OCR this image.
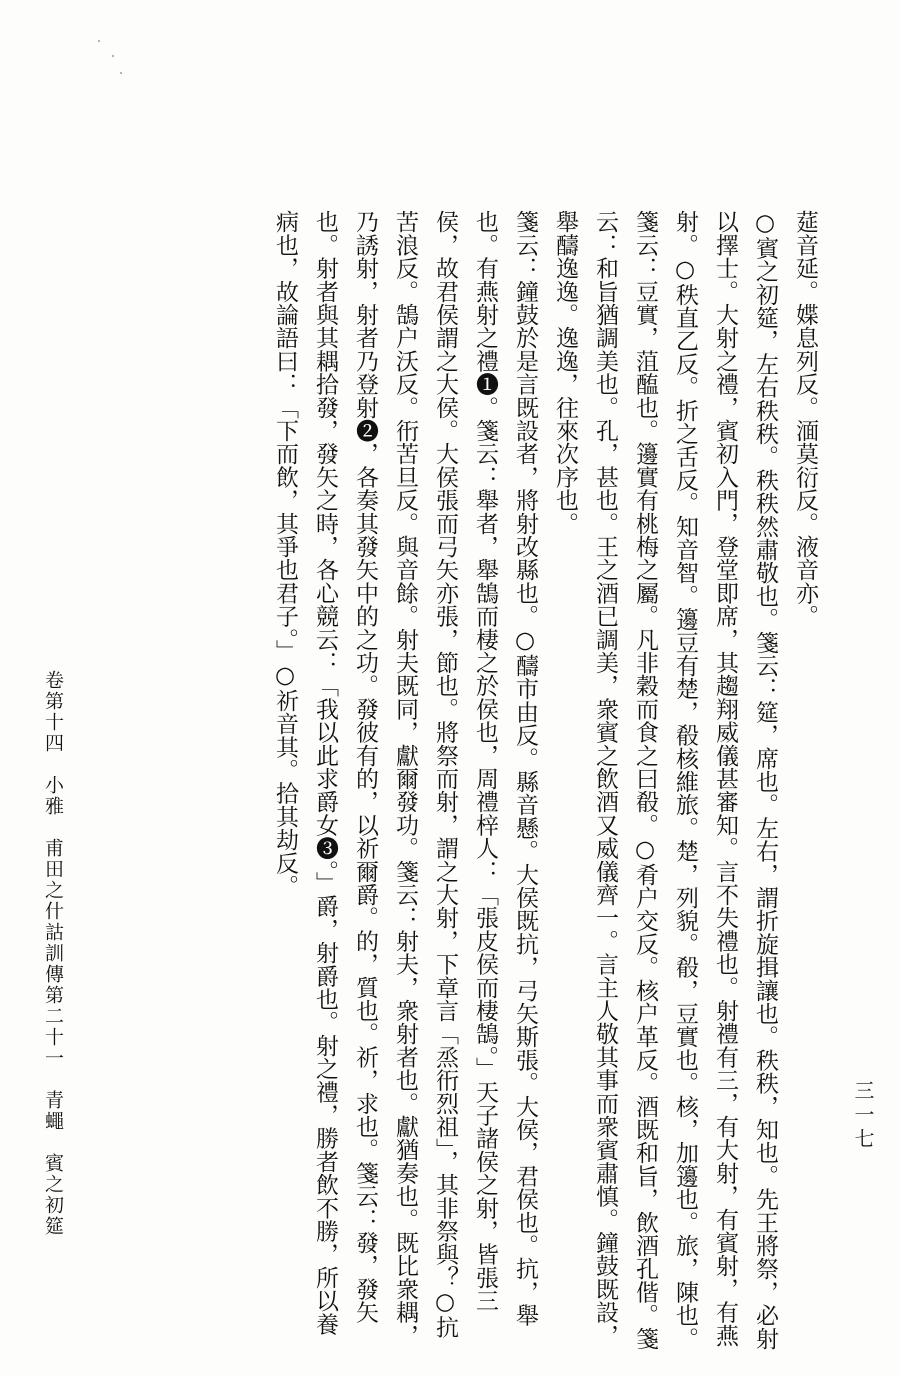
莚音延。媟息列反。湎莫衍反。液音亦。

○賓之初筵，左右秩秩。秩秩然肅敬也。箋云：筵，席也。左右，謂折旋揖讓也。秩秩，知也。先王將祭，必射以擇士。大射之禮，賓初入門，登堂即席，其趨翔威儀甚審知。言不失禮也。射禮有三，有大射，有賓射，有燕射。○秩直乙反。折之舌反。知音智。籩豆有楚，殽核維旅。楚，列貌。殽，豆實也。核，加籩也。旅，陳也。箋云：豆實，菹醢也。籩實有桃梅之屬。凡非穀而食之曰殽。○肴户交反。核户革反。酒既和旨，飲酒孔偕。箋云：和旨猶調美也。孔，甚也。王之酒已調美，衆賓之飲酒又威儀齊一。言主人敬其事而衆賓肅慎。鐘鼓既設，舉醻逸逸。逸逸，往來次序也。

箋云：鐘鼓於是言既設者，將射改縣也。○醻市由反。縣音懸。大侯既抗，弓矢斯張。大侯，君侯也。抗，舉也。有燕射之禮❶。箋云：舉者，舉鵠而棲之於侯也，周禮梓人：「張皮侯而棲鵠。」天子諸侯之射，皆張三侯，故君侯謂之大侯。大侯張而弓矢亦張，節也。將祭而射，謂之大射，下章言「烝衎烈祖」，其非祭與？○抗苦浪反。鵠户沃反。衎苦旦反。與音餘。射夫既同，獻爾發功。箋云：射夫，衆射者也。獻猶奏也。既比衆耦，乃誘射，射者乃登射❷，各奏其發矢中的之功。發彼有的，以祈爾爵。的，質也。祈，求也。箋云：發，發矢也。射者與其耦拾發，發矢之時，各心競云：「我以此求爵女❸。」爵，射爵也。射之禮，勝者飲不勝，所以養病也，故論語曰：「下而飲，其爭也君子。」○祈音其。拾其劫反。

卷第十四　小雅　甫田之什詁訓傳第二十一　青蠅　賓之初筵	三一七
